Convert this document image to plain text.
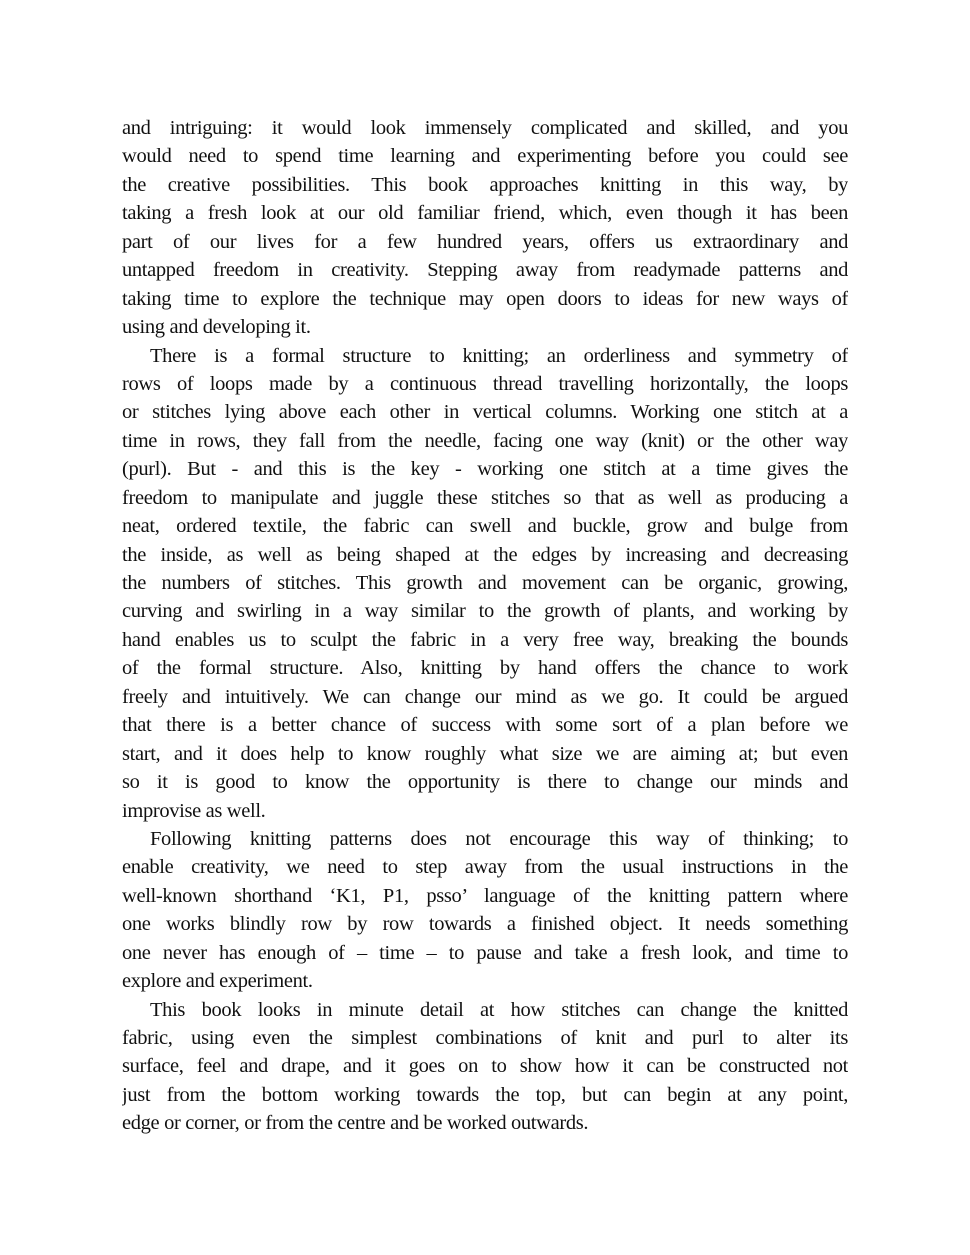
and intriguing: it would look immensely complicated and skilled, and you
would need to spend time learning and experimenting before you could see
the creative possibilities. This book approaches knitting in this way, by
taking a fresh look at our old familiar friend, which, even though it has been
part of our lives for a few hundred years, offers us extraordinary and
untapped freedom in creativity. Stepping away from readymade patterns and
taking time to explore the technique may open doors to ideas for new ways of
using and developing it.
There is a formal structure to knitting; an orderliness and symmetry of
rows of loops made by a continuous thread travelling horizontally, the loops
or stitches lying above each other in vertical columns. Working one stitch at a
time in rows, they fall from the needle, facing one way (knit) or the other way
(purl). But - and this is the key - working one stitch at a time gives the
freedom to manipulate and juggle these stitches so that as well as producing a
neat, ordered textile, the fabric can swell and buckle, grow and bulge from
the inside, as well as being shaped at the edges by increasing and decreasing
the numbers of stitches. This growth and movement can be organic, growing,
curving and swirling in a way similar to the growth of plants, and working by
hand enables us to sculpt the fabric in a very free way, breaking the bounds
of the formal structure. Also, knitting by hand offers the chance to work
freely and intuitively. We can change our mind as we go. It could be argued
that there is a better chance of success with some sort of a plan before we
start, and it does help to know roughly what size we are aiming at; but even
so it is good to know the opportunity is there to change our minds and
improvise as well.
Following knitting patterns does not encourage this way of thinking; to
enable creativity, we need to step away from the usual instructions in the
well-known shorthand ‘K1, P1, psso’ language of the knitting pattern where
one works blindly row by row towards a finished object. It needs something
one never has enough of – time – to pause and take a fresh look, and time to
explore and experiment.
This book looks in minute detail at how stitches can change the knitted
fabric, using even the simplest combinations of knit and purl to alter its
surface, feel and drape, and it goes on to show how it can be constructed not
just from the bottom working towards the top, but can begin at any point,
edge or corner, or from the centre and be worked outwards.
